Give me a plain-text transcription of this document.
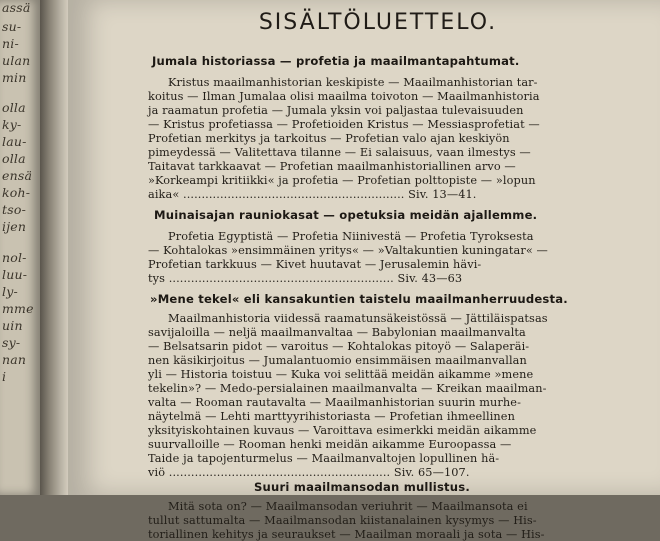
assä
su-
ni-
ulan
min
olla
ky-
lau-
olla
ensä
koh-
tso-
ijen
nol-
luu-
ly-
mme
uin
sy-
nan
i
SISÄLTÖLUETTELO.
Jumala historiassa — profetia ja maailmantapahtumat.
Kristus maailmanhistorian keskipiste — Maailmanhistorian tar-
koitus — Ilman Jumalaa olisi maailma toivoton — Maailmanhistoria
ja raamatun profetia — Jumala yksin voi paljastaa tulevaisuuden
— Kristus profetiassa — Profetioiden Kristus — Messiasprofetiat —
Profetian merkitys ja tarkoitus — Profetian valo ajan keskiyön
pimeydessä — Valitettava tilanne — Ei salaisuus, vaan ilmestys —
Taitavat tarkkaavat — Profetian maailmanhistoriallinen arvo —
»Korkeampi kritiikki« ja profetia — Profetian polttopiste — »lopun
aika« ............................................................ Siv. 13—41.
Muinaisajan rauniokasat — opetuksia meidän ajallemme.
Profetia Egyptistä — Profetia Niinivestä — Profetia Tyroksesta
— Kohtalokas »ensimmäinen yritys« — »Valtakuntien kuningatar« —
Profetian tarkkuus — Kivet huutavat — Jerusalemin hävi-
tys ............................................................. Siv. 43—63
»Mene tekel« eli kansakuntien taistelu maailmanherruudesta.
Maailmanhistoria viidessä raamatunsäkeistössä — Jättiläispatsas
savijaloilla — neljä maailmanvaltaa — Babylonian maailmanvalta
— Belsatsarin pidot — varoitus — Kohtalokas pitoyö — Salaperäi-
nen käsikirjoitus — Jumalantuomio ensimmäisen maailmanvallan
yli — Historia toistuu — Kuka voi selittää meidän aikamme »mene
tekelin»? — Medo-persialainen maailmanvalta — Kreikan maailman-
valta — Rooman rautavalta — Maailmanhistorian suurin murhe-
näytelmä — Lehti marttyyrihistoriasta — Profetian ihmeellinen
yksityiskohtainen kuvaus — Varoittava esimerkki meidän aikamme
suurvalloille — Rooman henki meidän aikamme Euroopassa —
Taide ja tapojenturmelus — Maailmanvaltojen lopullinen hä-
viö ............................................................ Siv. 65—107.
Suuri maailmansodan mullistus.
Mitä sota on? — Maailmansodan veriuhrit — Maailmansota ei
tullut sattumalta — Maailmansodan kiistanalainen kysymys — His-
toriallinen kehitys ja seuraukset — Maailman moraali ja sota — His-
